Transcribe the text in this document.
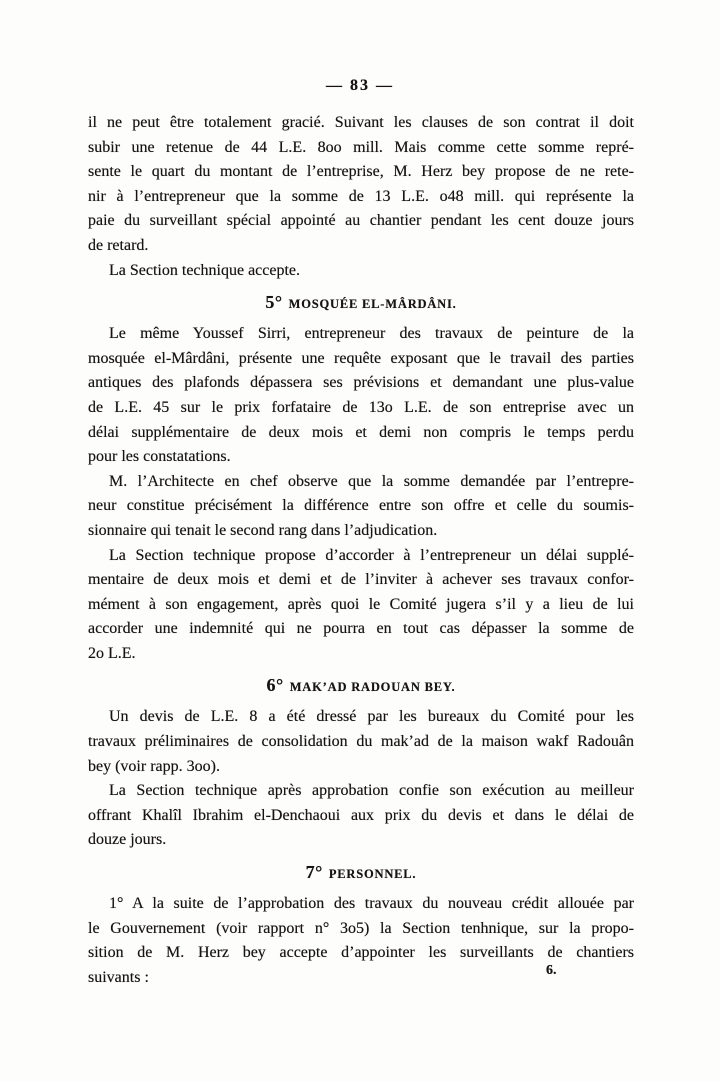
— 83 —
il ne peut être totalement gracié. Suivant les clauses de son contrat il doit
subir une retenue de 44 L.E. 8oo mill. Mais comme cette somme repré-
sente le quart du montant de l’entreprise, M. Herz bey propose de ne rete-
nir à l’entrepreneur que la somme de 13 L.E. o48 mill. qui représente la
paie du surveillant spécial appointé au chantier pendant les cent douze jours
de retard.
La Section technique accepte.
5° MOSQUÉE EL-MÂRDÂNI.
Le même Youssef Sirri, entrepreneur des travaux de peinture de la
mosquée el-Mârdâni, présente une requête exposant que le travail des parties
antiques des plafonds dépassera ses prévisions et demandant une plus-value
de L.E. 45 sur le prix forfataire de 13o L.E. de son entreprise avec un
délai supplémentaire de deux mois et demi non compris le temps perdu
pour les constatations.
M. l’Architecte en chef observe que la somme demandée par l’entrepre-
neur constitue précisément la différence entre son offre et celle du soumis-
sionnaire qui tenait le second rang dans l’adjudication.
La Section technique propose d’accorder à l’entrepreneur un délai supplé-
mentaire de deux mois et demi et de l’inviter à achever ses travaux confor-
mément à son engagement, après quoi le Comité jugera s’il y a lieu de lui
accorder une indemnité qui ne pourra en tout cas dépasser la somme de
2o L.E.
6° MAK’AD RADOUAN BEY.
Un devis de L.E. 8 a été dressé par les bureaux du Comité pour les
travaux préliminaires de consolidation du mak’ad de la maison wakf Radouân
bey (voir rapp. 3oo).
La Section technique après approbation confie son exécution au meilleur
offrant Khalîl Ibrahim el-Denchaoui aux prix du devis et dans le délai de
douze jours.
7° PERSONNEL.
1° A la suite de l’approbation des travaux du nouveau crédit allouée par
le Gouvernement (voir rapport n° 3o5) la Section tenhnique, sur la propo-
sition de M. Herz bey accepte d’appointer les surveillants de chantiers
suivants :	6.
